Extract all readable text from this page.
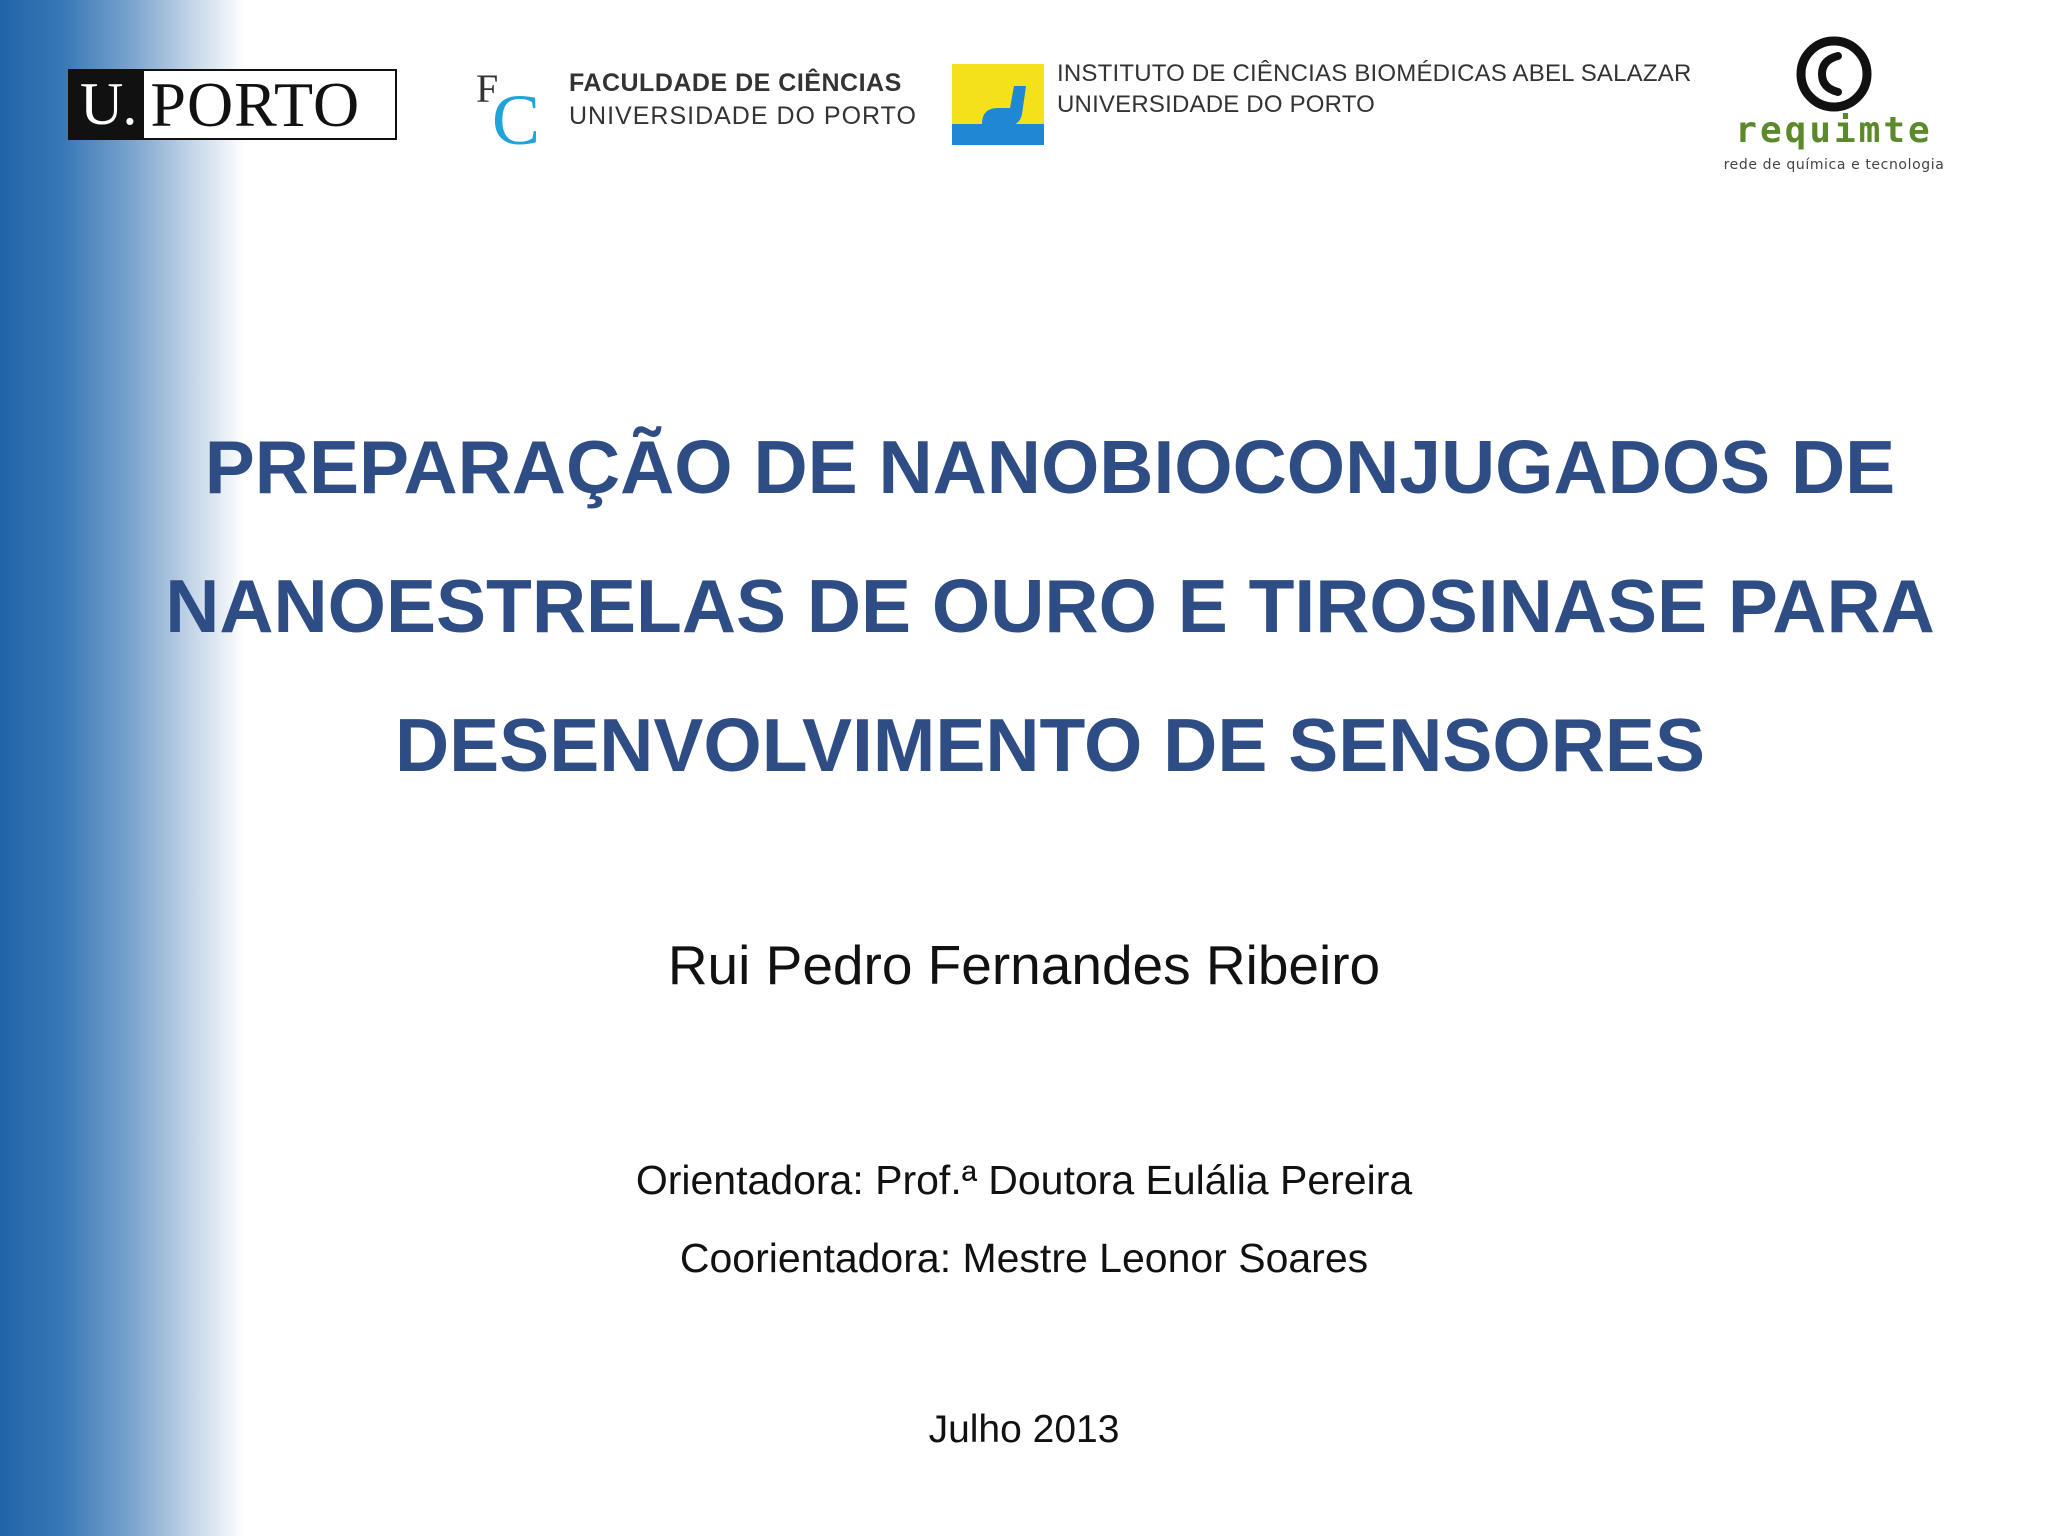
U. PORTO	F
C FACULDADE DE CIÊNCIAS
UNIVERSIDADE DO PORTO
INSTITUTO DE CIÊNCIAS BIOMÉDICAS ABEL SALAZAR
UNIVERSIDADE DO PORTO
requimte
rede de química e tecnologia
PREPARAÇÃO DE NANOBIOCONJUGADOS DE
NANOESTRELAS DE OURO E TIROSINASE PARA
DESENVOLVIMENTO DE SENSORES
Rui Pedro Fernandes Ribeiro
Orientadora: Prof.ª Doutora Eulália Pereira
Coorientadora: Mestre Leonor Soares
Julho 2013
